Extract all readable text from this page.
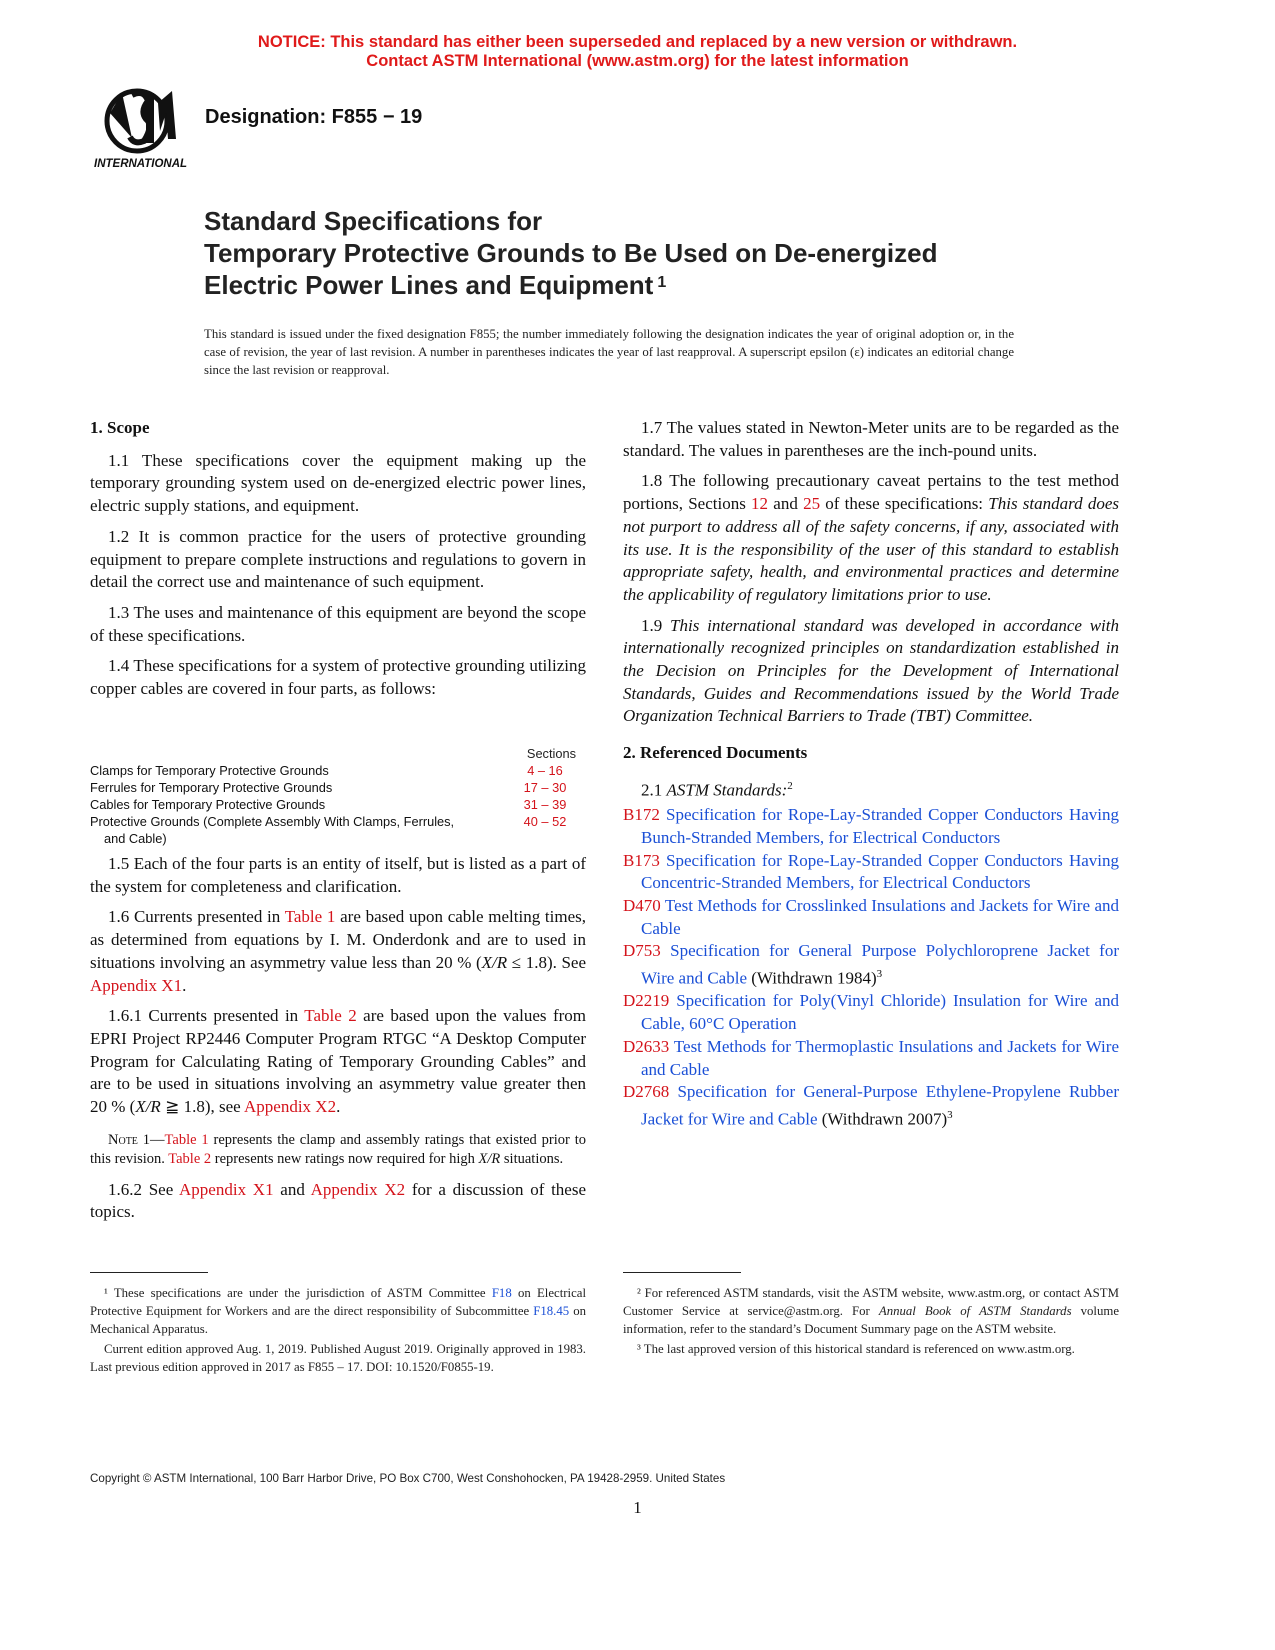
NOTICE: This standard has either been superseded and replaced by a new version or withdrawn.
Contact ASTM International (www.astm.org) for the latest information
INTERNATIONAL
Designation: F855 − 19
Standard Specifications for
Temporary Protective Grounds to Be Used on De-energized
Electric Power Lines and Equipment $^1$
This standard is issued under the fixed designation F855; the number immediately following the designation indicates the year of original adoption or, in the case of revision, the year of last revision. A number in parentheses indicates the year of last reapproval. A superscript epsilon (ε) indicates an editorial change since the last revision or reapproval.

1. Scope

1.1 These specifications cover the equipment making up the temporary grounding system used on de-energized electric power lines, electric supply stations, and equipment.

1.2 It is common practice for the users of protective grounding equipment to prepare complete instructions and regulations to govern in detail the correct use and maintenance of such equipment.

1.3 The uses and maintenance of this equipment are beyond the scope of these specifications.

1.4 These specifications for a system of protective grounding utilizing copper cables are covered in four parts, as follows:

Sections
Clamps for Temporary Protective Grounds	4 – 16
Ferrules for Temporary Protective Grounds	17 – 30
Cables for Temporary Protective Grounds	31 – 39
Protective Grounds (Complete Assembly With Clamps, Ferrules,	40 – 52
and Cable)

1.5 Each of the four parts is an entity of itself, but is listed as a part of the system for completeness and clarification.

1.6 Currents presented in Table 1 are based upon cable melting times, as determined from equations by I. M. Onderdonk and are to used in situations involving an asymmetry value less than 20 % (X/R ≤ 1.8). See Appendix X1.

1.6.1 Currents presented in Table 2 are based upon the values from EPRI Project RP2446 Computer Program RTGC “A Desktop Computer Program for Calculating Rating of Temporary Grounding Cables” and are to be used in situations involving an asymmetry value greater then 20 % (X/R ≧ 1.8), see Appendix X2.

Note 1—Table 1 represents the clamp and assembly ratings that existed prior to this revision. Table 2 represents new ratings now required for high X/R situations.

1.6.2 See Appendix X1 and Appendix X2 for a discussion of these topics.

1.7 The values stated in Newton-Meter units are to be regarded as the standard. The values in parentheses are the inch-pound units.

1.8 The following precautionary caveat pertains to the test method portions, Sections 12 and 25 of these specifications: This standard does not purport to address all of the safety concerns, if any, associated with its use. It is the responsibility of the user of this standard to establish appropriate safety, health, and environmental practices and determine the applicability of regulatory limitations prior to use.

1.9 This international standard was developed in accordance with internationally recognized principles on standardization established in the Decision on Principles for the Development of International Standards, Guides and Recommendations issued by the World Trade Organization Technical Barriers to Trade (TBT) Committee.

2. Referenced Documents

2.1 ASTM Standards:$^2$

B172 Specification for Rope-Lay-Stranded Copper Conductors Having Bunch-Stranded Members, for Electrical Conductors
B173 Specification for Rope-Lay-Stranded Copper Conductors Having Concentric-Stranded Members, for Electrical Conductors
D470 Test Methods for Crosslinked Insulations and Jackets for Wire and Cable
D753 Specification for General Purpose Polychloroprene Jacket for Wire and Cable (Withdrawn 1984)$^3$
D2219 Specification for Poly(Vinyl Chloride) Insulation for Wire and Cable, 60°C Operation
D2633 Test Methods for Thermoplastic Insulations and Jackets for Wire and Cable
D2768 Specification for General-Purpose Ethylene-Propylene Rubber Jacket for Wire and Cable (Withdrawn 2007)$^3$

¹ These specifications are under the jurisdiction of ASTM Committee F18 on Electrical Protective Equipment for Workers and are the direct responsibility of Subcommittee F18.45 on Mechanical Apparatus.

Current edition approved Aug. 1, 2019. Published August 2019. Originally approved in 1983. Last previous edition approved in 2017 as F855 – 17. DOI: 10.1520/F0855-19.

² For referenced ASTM standards, visit the ASTM website, www.astm.org, or contact ASTM Customer Service at service@astm.org. For Annual Book of ASTM Standards volume information, refer to the standard’s Document Summary page on the ASTM website.

³ The last approved version of this historical standard is referenced on www.astm.org.

Copyright © ASTM International, 100 Barr Harbor Drive, PO Box C700, West Conshohocken, PA 19428-2959. United States
1
